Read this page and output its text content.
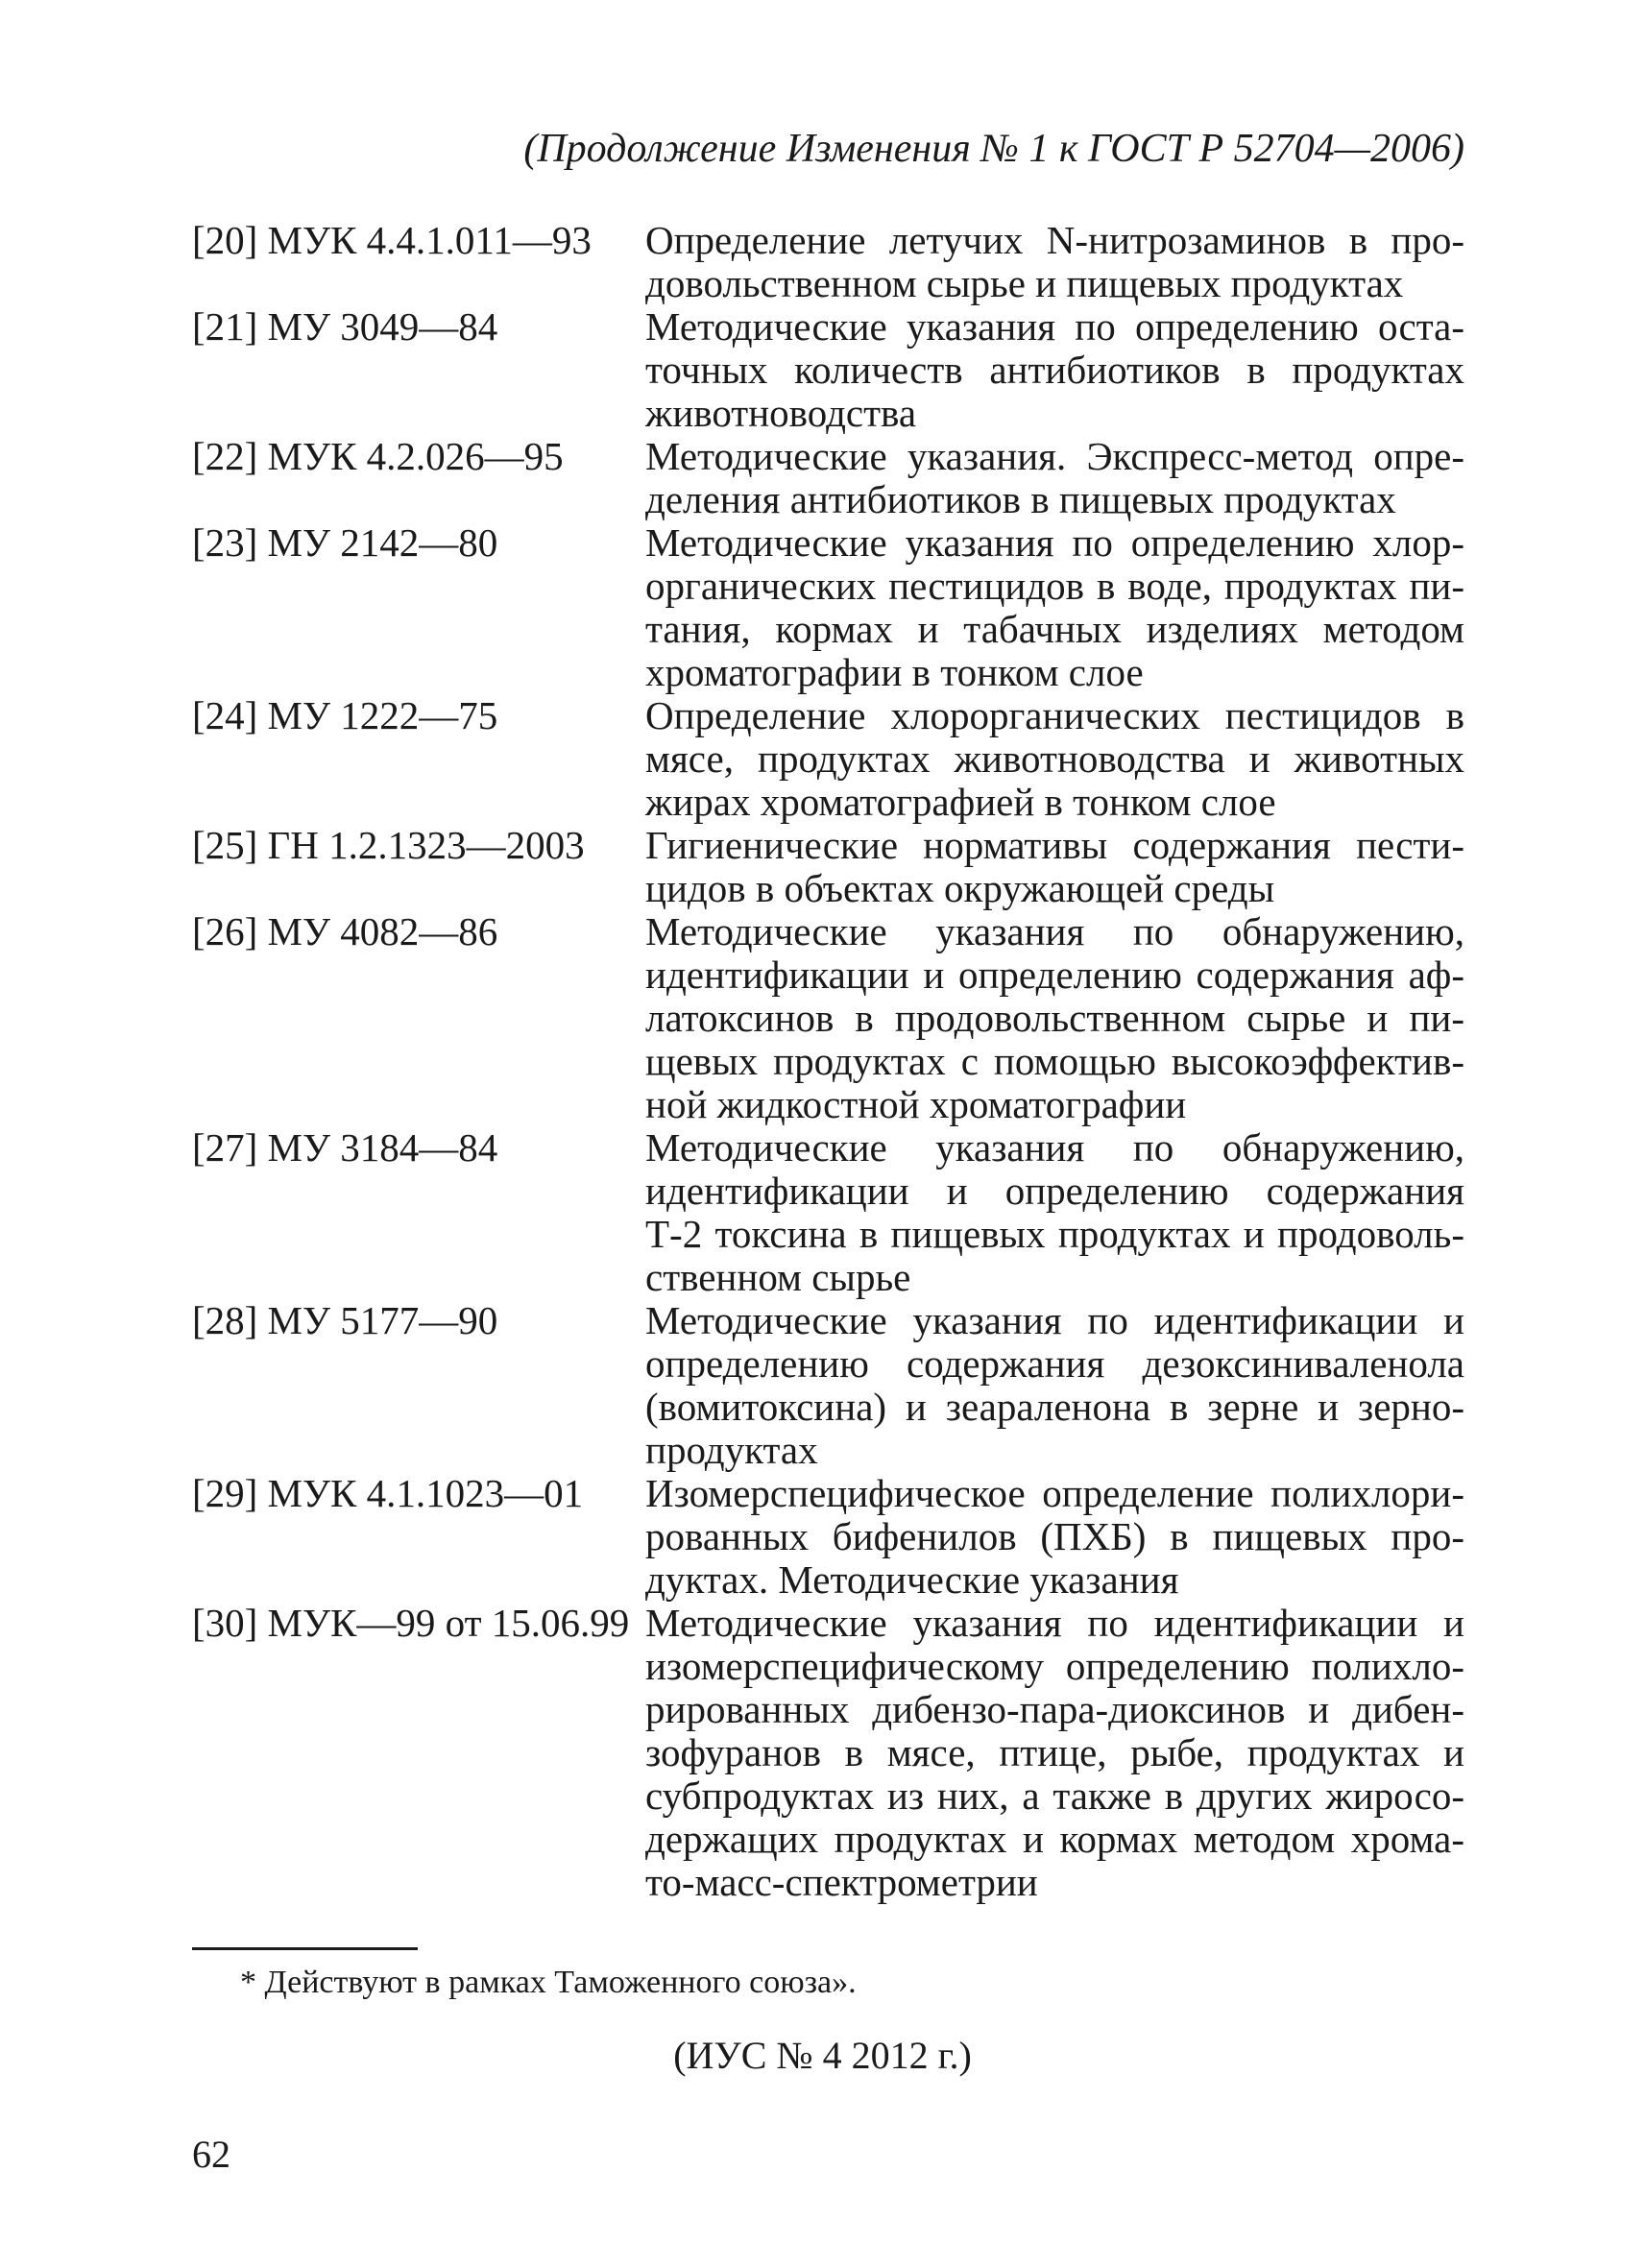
(Продолжение Изменения № 1 к ГОСТ Р 52704—2006)
[20] МУК 4.4.1.011—93	Определение летучих N-нитрозаминов в про-
довольственном сырье и пищевых продуктах
[21] МУ 3049—84	Методические указания по определению оста-
точных количеств антибиотиков в продуктах
животноводства
[22] МУК 4.2.026—95	Методические указания. Экспресс-метод опре-
деления антибиотиков в пищевых продуктах
[23] МУ 2142—80	Методические указания по определению хлор-
органических пестицидов в воде, продуктах пи-
тания, кормах и табачных изделиях методом
хроматографии в тонком слое
[24] МУ 1222—75	Определение хлорорганических пестицидов в
мясе, продуктах животноводства и животных
жирах хроматографией в тонком слое
[25] ГН 1.2.1323—2003	Гигиенические нормативы содержания пести-
цидов в объектах окружающей среды
[26] МУ 4082—86	Методические указания по обнаружению,
идентификации и определению содержания аф-
латоксинов в продовольственном сырье и пи-
щевых продуктах с помощью высокоэффектив-
ной жидкостной хроматографии
[27] МУ 3184—84	Методические указания по обнаружению,
идентификации и определению содержания
Т-2 токсина в пищевых продуктах и продоволь-
ственном сырье
[28] МУ 5177—90	Методические указания по идентификации и
определению содержания дезоксиниваленола
(вомитоксина) и зеараленона в зерне и зерно-
продуктах
[29] МУК 4.1.1023—01	Изомерспецифическое определение полихлори-
рованных бифенилов (ПХБ) в пищевых про-
дуктах. Методические указания
[30] МУК—99 от 15.06.99 Методические указания по идентификации и
изомерспецифическому определению полихло-
рированных дибензо-пара-диоксинов и дибен-
зофуранов в мясе, птице, рыбе, продуктах и
субпродуктах из них, а также в других жиросо-
держащих продуктах и кормах методом хрома-
то-масс-спектрометрии
* Действуют в рамках Таможенного союза».
(ИУС № 4 2012 г.)
62
